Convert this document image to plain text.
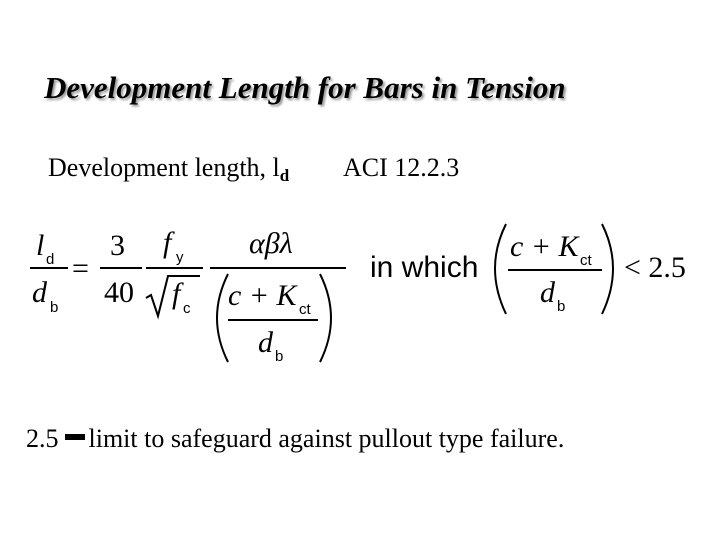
Development Length for Bars in Tension
Development length, $l_d$ ACI 12.2.3
l d
d b
=
3
40
f y
f c
αβλ
c + K ct
d b
in which
c + K ct
d b
< 2.5
2.5 limit to safeguard against pullout type failure.
